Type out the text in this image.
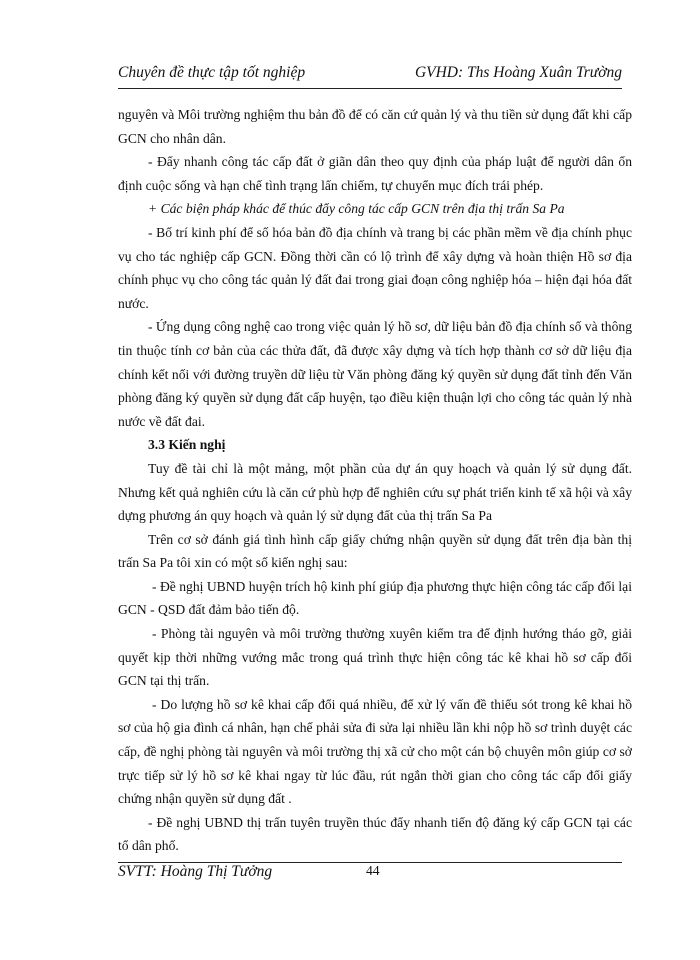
Chuyên đề thực tập tốt nghiệp	GVHD: Ths Hoàng Xuân Trường

nguyên và Môi trường nghiệm thu bản đồ để có căn cứ quản lý và thu tiền sử dụng đất khi cấp GCN cho nhân dân.

- Đẩy nhanh công tác cấp đất ở giãn dân theo quy định của pháp luật để người dân ổn định cuộc sống và hạn chế tình trạng lấn chiếm, tự chuyển mục đích trái phép.

+ Các biện pháp khác để thúc đẩy công tác cấp GCN trên địa thị trấn Sa Pa

- Bố trí kinh phí để số hóa bản đồ địa chính và trang bị các phần mềm về địa chính phục vụ cho tác nghiệp cấp GCN. Đồng thời cần có lộ trình để xây dựng và hoàn thiện Hồ sơ địa chính phục vụ cho công tác quản lý đất đai trong giai đoạn công nghiệp hóa – hiện đại hóa đất nước.

- Ứng dụng công nghệ cao trong việc quản lý hồ sơ, dữ liệu bản đồ địa chính số và thông tin thuộc tính cơ bản của các thửa đất, đã được xây dựng và tích hợp thành cơ sở dữ liệu địa chính kết nối với đường truyền dữ liệu từ Văn phòng đăng ký quyền sử dụng đất tỉnh đến Văn phòng đăng ký quyền sử dụng đất cấp huyện, tạo điều kiện thuận lợi cho công tác quản lý nhà nước về đất đai.

3.3 Kiến nghị

Tuy đề tài chỉ là một mảng, một phần của dự án quy hoạch và quản lý sử dụng đất. Nhưng kết quả nghiên cứu là căn cứ phù hợp để nghiên cứu sự phát triển kinh tế xã hội và xây dựng phương án quy hoạch và quản lý sử dụng đất của thị trấn Sa Pa

Trên cơ sở đánh giá tình hình cấp giấy chứng nhận quyền sử dụng đất trên địa bàn thị trấn Sa Pa tôi xin có một số kiến nghị sau:

- Đề nghị UBND huyện trích hộ kinh phí giúp địa phương thực hiện công tác cấp đổi lại GCN - QSD đất đảm bảo tiến độ.

- Phòng tài nguyên và môi trường thường xuyên kiểm tra để định hướng tháo gỡ, giải quyết kịp thời những vướng mắc trong quá trình thực hiện công tác kê khai hồ sơ cấp đổi GCN tại thị trấn.

- Do lượng hồ sơ kê khai cấp đổi quá nhiều, để xử lý vấn đề thiếu sót trong kê khai hồ sơ của hộ gia đình cá nhân, hạn chế phải sửa đi sửa lại nhiều lần khi nộp hồ sơ trình duyệt các cấp, đề nghị phòng tài nguyên và môi trường thị xã cử cho một cán bộ chuyên môn giúp cơ sở trực tiếp sử lý hồ sơ kê khai ngay từ lúc đầu, rút ngắn thời gian cho công tác cấp đổi giấy chứng nhận quyền sử dụng đất .

- Đề nghị UBND thị trấn tuyên truyền thúc đẩy nhanh tiến độ đăng ký cấp GCN tại các tổ dân phố.

SVTT: Hoàng Thị Tưởng	44
